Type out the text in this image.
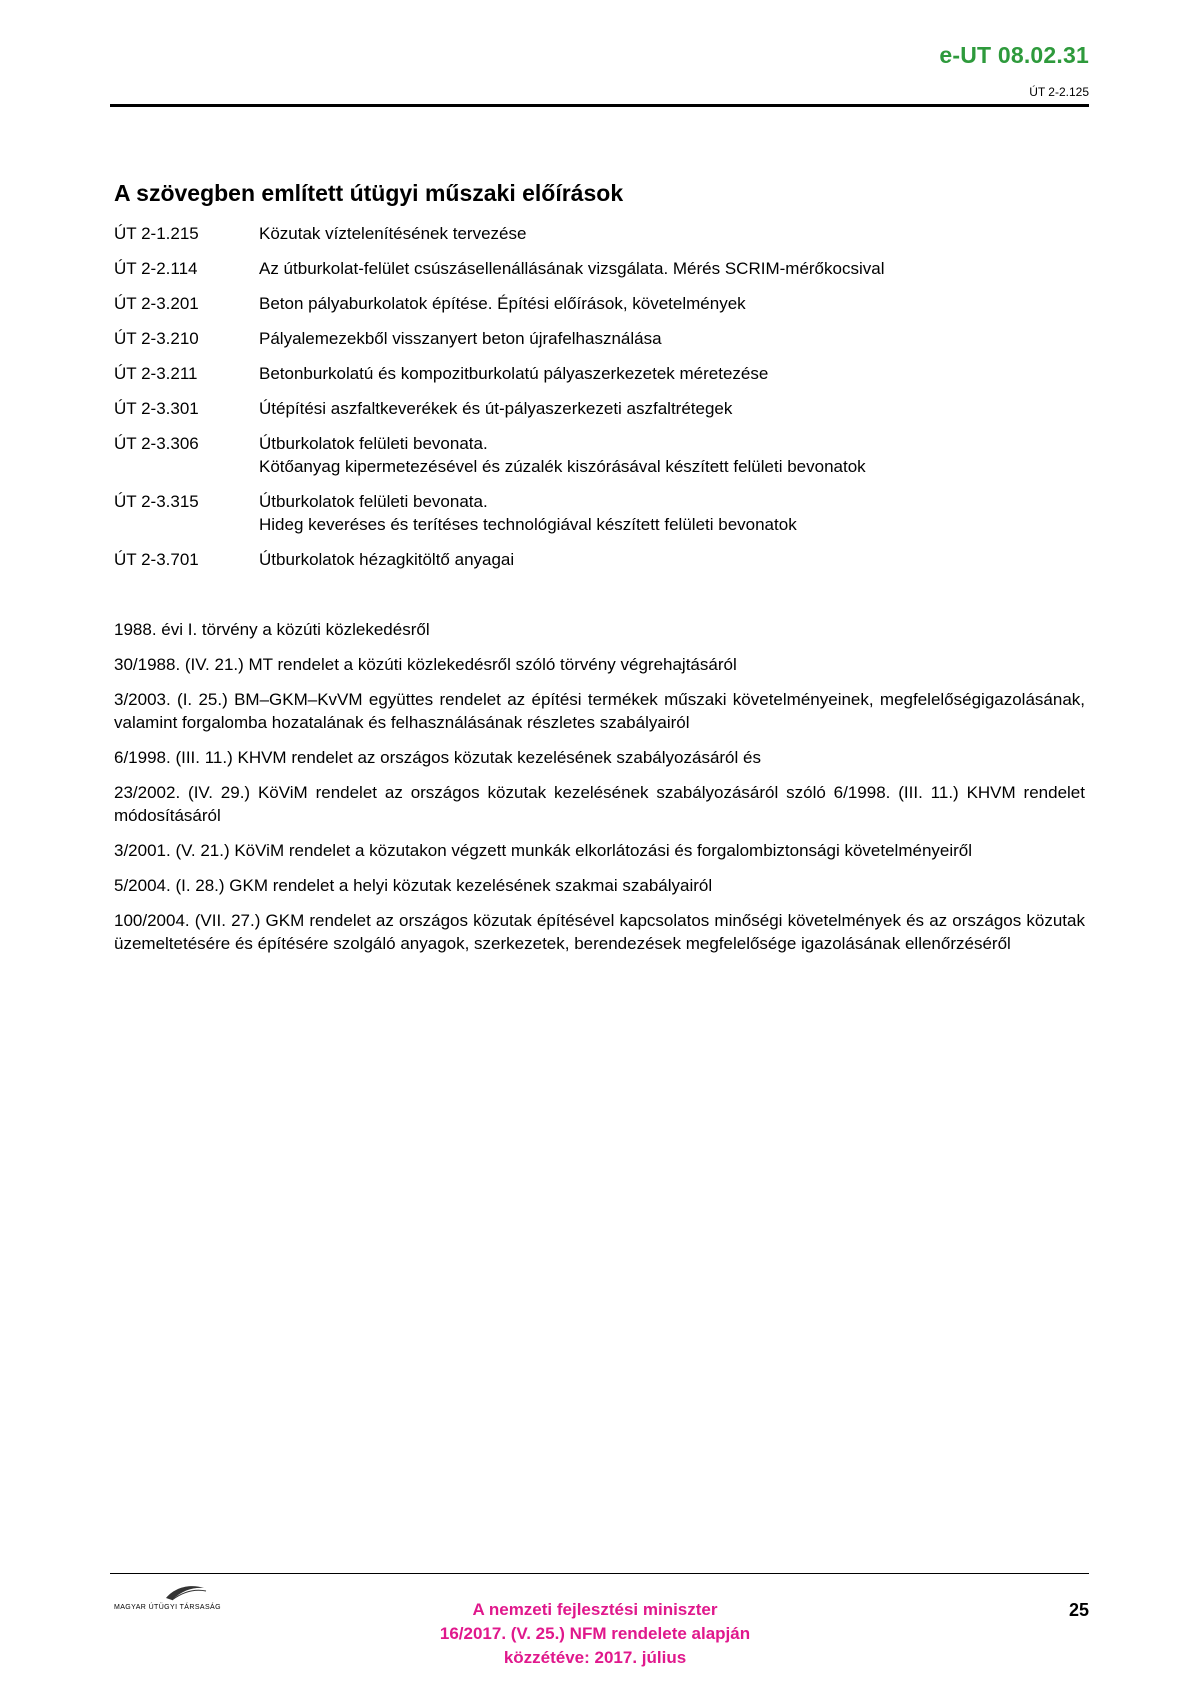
e-UT 08.02.31
ÚT 2-2.125
A szövegben említett útügyi műszaki előírások
ÚT 2-1.215	Közutak víztelenítésének tervezése
ÚT 2-2.114	Az útburkolat-felület csúszásellenállásának vizsgálata. Mérés SCRIM-mérőkocsival
ÚT 2-3.201	Beton pályaburkolatok építése. Építési előírások, követelmények
ÚT 2-3.210	Pályalemezekből visszanyert beton újrafelhasználása
ÚT 2-3.211	Betonburkolatú és kompozitburkolatú pályaszerkezetek méretezése
ÚT 2-3.301	Útépítési aszfaltkeverékek és út-pályaszerkezeti aszfaltrétegek
ÚT 2-3.306	Útburkolatok felületi bevonata.
Kötőanyag kipermetezésével és zúzalék kiszórásával készített felületi bevonatok
ÚT 2-3.315	Útburkolatok felületi bevonata.
Hideg keveréses és terítéses technológiával készített felületi bevonatok
ÚT 2-3.701	Útburkolatok hézagkitöltő anyagai

1988. évi I. törvény a közúti közlekedésről

30/1988. (IV. 21.) MT rendelet a közúti közlekedésről szóló törvény végrehajtásáról

3/2003. (I. 25.) BM–GKM–KvVM együttes rendelet az építési termékek műszaki követelményeinek, megfelelőségigazolásának, valamint forgalomba hozatalának és felhasználásának részletes szabályairól

6/1998. (III. 11.) KHVM rendelet az országos közutak kezelésének szabályozásáról és

23/2002. (IV. 29.) KöViM rendelet az országos közutak kezelésének szabályozásáról szóló 6/1998. (III. 11.) KHVM rendelet módosításáról

3/2001. (V. 21.) KöViM rendelet a közutakon végzett munkák elkorlátozási és forgalombiztonsági követelményeiről

5/2004. (I. 28.) GKM rendelet a helyi közutak kezelésének szakmai szabályairól

100/2004. (VII. 27.) GKM rendelet az országos közutak építésével kapcsolatos minőségi követelmények és az országos közutak üzemeltetésére és építésére szolgáló anyagok, szerkezetek, berendezések megfelelősége igazolásának ellenőrzéséről

MAGYAR ÚTÜGYI TÁRSASÁG	A nemzeti fejlesztési miniszter
16/2017. (V. 25.) NFM rendelete alapján
közzétéve: 2017. július
25
